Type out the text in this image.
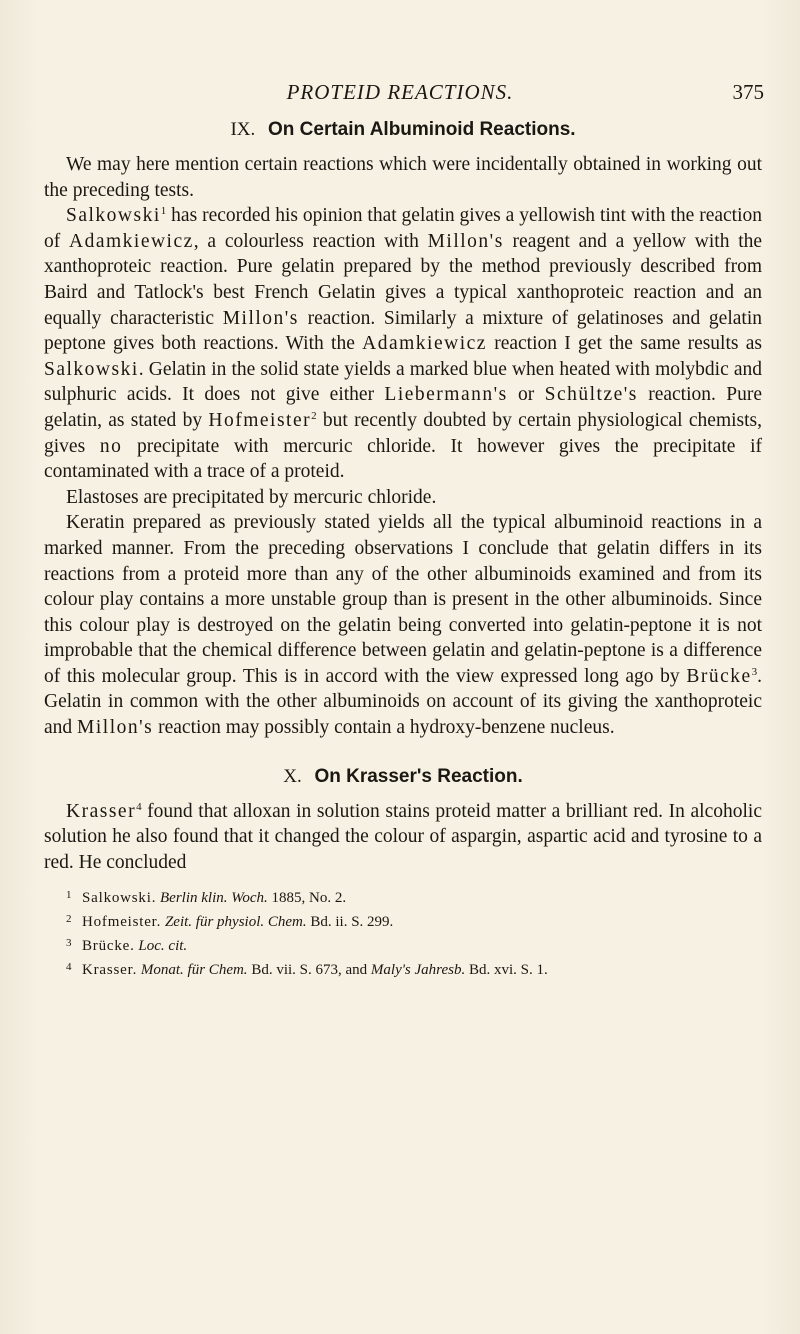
PROTEID REACTIONS.	375
IX. On Certain Albuminoid Reactions.

We may here mention certain reactions which were incidentally obtained in working out the preceding tests.

Salkowski$^1$ has recorded his opinion that gelatin gives a yellowish tint with the reaction of Adamkiewicz, a colourless reaction with Millon's reagent and a yellow with the xanthoproteic reaction. Pure gelatin prepared by the method previously described from Baird and Tatlock's best French Gelatin gives a typical xanthoproteic reaction and an equally characteristic Millon's reaction. Similarly a mixture of gelatinoses and gelatin peptone gives both reactions. With the Adamkiewicz reaction I get the same results as Salkowski. Gelatin in the solid state yields a marked blue when heated with molybdic and sulphuric acids. It does not give either Liebermann's or Schültze's reaction. Pure gelatin, as stated by Hofmeister$^2$ but recently doubted by certain physiological chemists, gives no precipitate with mercuric chloride. It however gives the precipitate if contaminated with a trace of a proteid.

Elastoses are precipitated by mercuric chloride.

Keratin prepared as previously stated yields all the typical albuminoid reactions in a marked manner. From the preceding observations I conclude that gelatin differs in its reactions from a proteid more than any of the other albuminoids examined and from its colour play contains a more unstable group than is present in the other albuminoids. Since this colour play is destroyed on the gelatin being converted into gelatin-peptone it is not improbable that the chemical difference between gelatin and gelatin-peptone is a difference of this molecular group. This is in accord with the view expressed long ago by Brücke$^3$. Gelatin in common with the other albuminoids on account of its giving the xanthoproteic and Millon's reaction may possibly contain a hydroxy-benzene nucleus.

X. On Krasser's Reaction.

Krasser$^4$ found that alloxan in solution stains proteid matter a brilliant red. In alcoholic solution he also found that it changed the colour of aspargin, aspartic acid and tyrosine to a red. He concluded

1 Salkowski. Berlin klin. Woch. 1885, No. 2.

2 Hofmeister. Zeit. für physiol. Chem. Bd. ii. S. 299.

3 Brücke. Loc. cit.

4 Krasser. Monat. für Chem. Bd. vii. S. 673, and Maly's Jahresb. Bd. xvi. S. 1.
